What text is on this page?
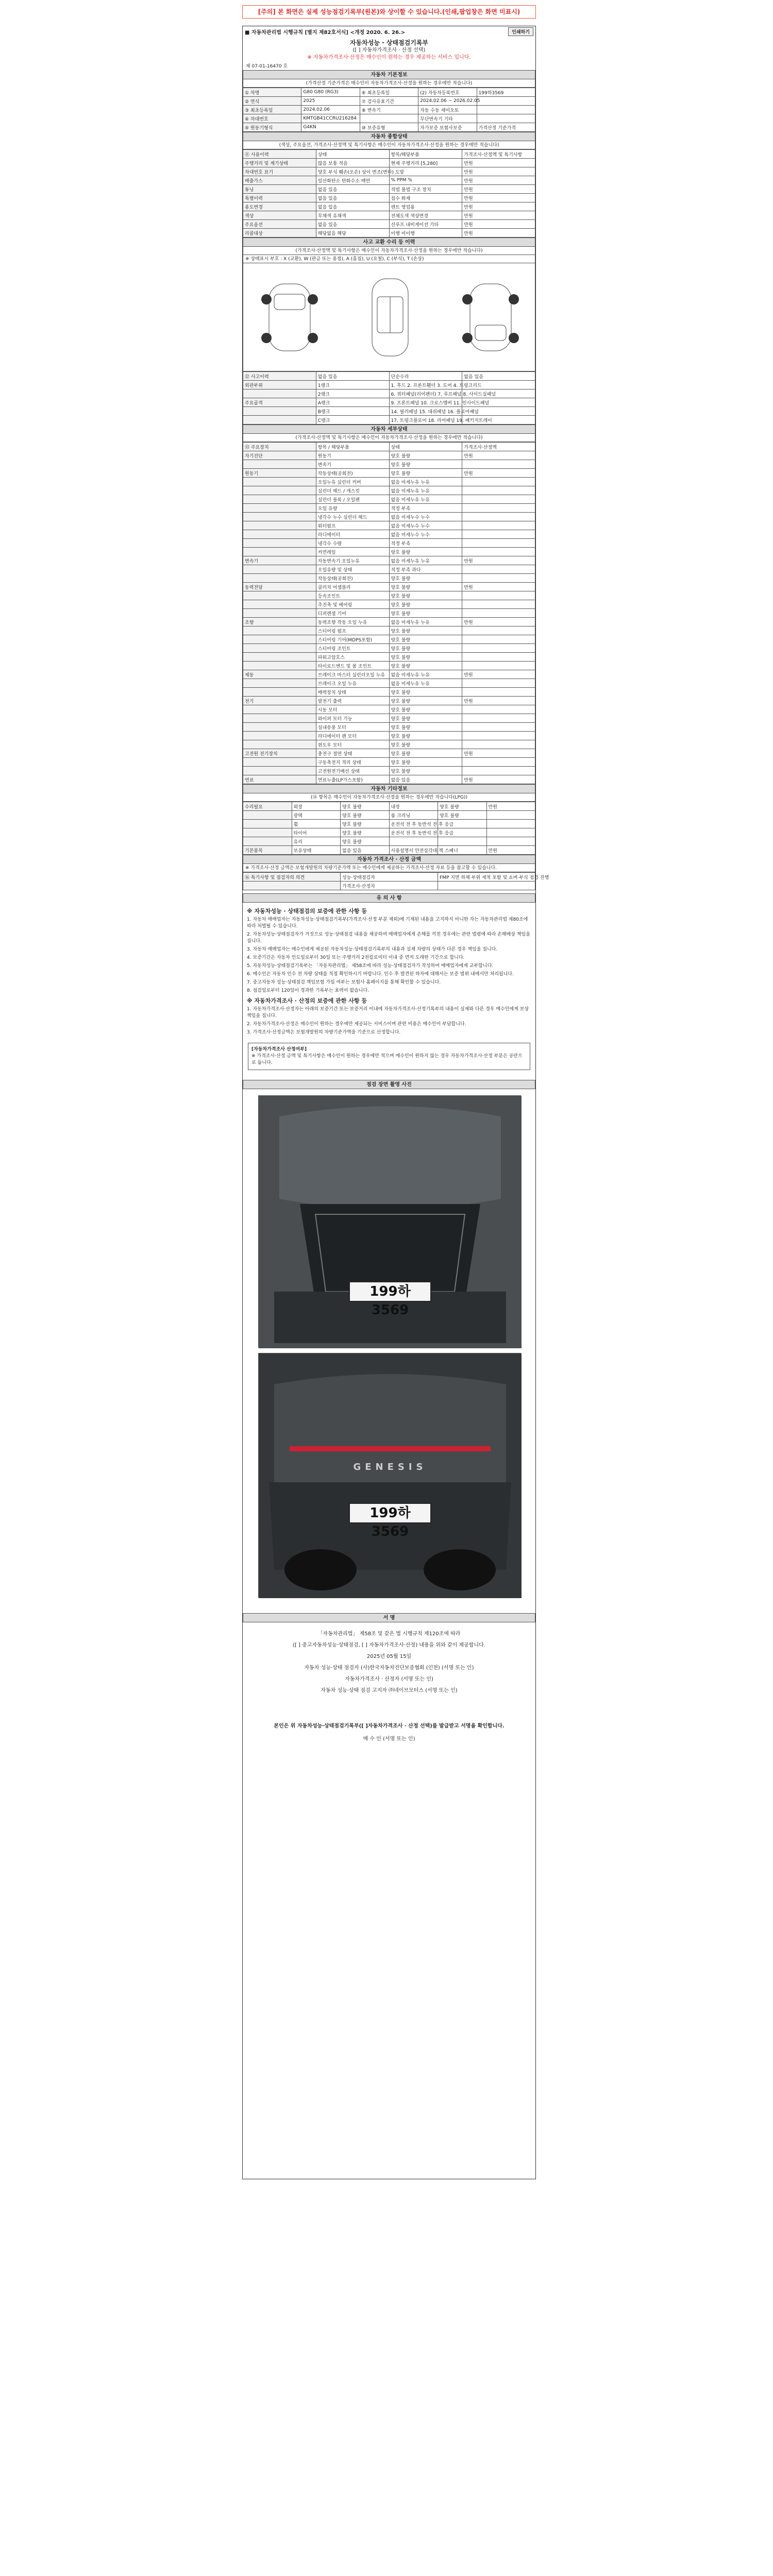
[주의] 본 화면은 실제 성능점검기록부(원본)와 상이할 수 있습니다.(인쇄,팝업창은 화면 미표시)
■ 자동차관리법 시행규칙 [별지 제82호서식] <개정 2020. 6. 26.>	인쇄하기
자동차성능 · 상태점검기록부
([ ] 자동차가격조사 · 산정 선택)
※ 자동차가격조사·산정은 매수인이 원하는 경우 제공하는 서비스 입니다.
제 07-01-16470 호
자동차 기본정보
(가격산정 기준가격은 매수인이 자동차가격조사·산정을 원하는 경우에만 적습니다)
① 차명	G80 G80 (RG3)	⑥ 최초등록일	(2) 자동차등록번호	199하3569
② 연식	2025	⑦ 검사유효기간	2024.02.06 ~ 2026.02.05	
③ 최초등록일	2024.02.06	⑧ 변속기	자동 수동 세미오토	
④ 차대번호	KMTGB41CCRU216284		무단변속기 기타	
⑤ 원동기형식	G4KN	⑩ 보증유형	자가보증 보험사보증	가격산정 기준가격
자동차 종합상태
(색상, 주요옵션, 가격조사·산정액 및 특기사항은 매수인이 자동차가격조사·산정을 원하는 경우에만 적습니다)
⑪ 사용이력	상태	항목/해당부품	가격조사·산정액 및 특기사항
주행거리 및 계기상태	많음 보통 적음	현재 주행거리 [5,280]	만원
차대번호 표기	양호 부식 훼손(오손) 상이 변조(변타) 도말		만원
배출가스	일산화탄소 탄화수소 매연	% PPM %	만원
튜닝	없음 있음	적법 불법 구조 장치	만원
특별이력	없음 있음	침수 화재	만원
용도변경	없음 있음	렌트 영업용	만원
색상	무채색 유채색	전체도색 색상변경	만원
주요옵션	없음 있음	선루프 내비게이션 기타	만원
리콜대상	해당없음 해당	이행 미이행	만원
사고 교환 수리 등 이력
(가격조사·산정액 및 특기사항은 매수인이 자동차가격조사·산정을 원하는 경우에만 적습니다)
※ 상태표시 부호 : X (교환), W (판금 또는 용접), A (흠집), U (요철), C (부식), T (손상)
⑫ 사고이력	없음 있음	단순수리	없음 있음
외판부위	1랭크	1. 후드 2. 프론트휀더 3. 도어 4. 트렁크리드	
	2랭크	6. 쿼터패널(리어펜더) 7. 루프패널 8. 사이드실패널	
주요골격	A랭크	9. 프론트패널 10. 크로스멤버 11. 인사이드패널	
	B랭크	14. 필러패널 15. 대쉬패널 16. 플로어패널	
	C랭크	17. 트렁크플로어 18. 리어패널 19. 패키지트레이	
자동차 세부상태
(가격조사·산정액 및 특기사항은 매수인이 자동차가격조사·산정을 원하는 경우에만 적습니다)
⑬ 주요장치	항목 / 해당부품	상태	가격조사·산정액
자기진단	원동기	양호 불량	만원
	변속기	양호 불량	
원동기	작동상태(공회전)	양호 불량	만원
	오일누유 실린더 커버	없음 미세누유 누유	
	실린더 헤드 / 개스킷	없음 미세누유 누유	
	실린더 블록 / 오일팬	없음 미세누유 누유	
	오일 유량	적정 부족	
	냉각수 누수 실린더 헤드	없음 미세누수 누수	
	워터펌프	없음 미세누수 누수	
	라디에이터	없음 미세누수 누수	
	냉각수 수량	적정 부족	
	커먼레일	양호 불량	
변속기	자동변속기 오일누유	없음 미세누유 누유	만원
	오일유량 및 상태	적정 부족 과다	
	작동상태(공회전)	양호 불량	
동력전달	클러치 어셈블리	양호 불량	만원
	등속조인트	양호 불량	
	추진축 및 베어링	양호 불량	
	디퍼렌셜 기어	양호 불량	
조향	동력조향 작동 오일 누유	없음 미세누유 누유	만원
	스티어링 펌프	양호 불량	
	스티어링 기어(MDPS포함)	양호 불량	
	스티어링 조인트	양호 불량	
	파워고압호스	양호 불량	
	타이로드엔드 및 볼 조인트	양호 불량	
제동	브레이크 마스터 실린더오일 누유	없음 미세누유 누유	만원
	브레이크 오일 누유	없음 미세누유 누유	
	배력장치 상태	양호 불량	
전기	발전기 출력	양호 불량	만원
	시동 모터	양호 불량	
	와이퍼 모터 기능	양호 불량	
	실내송풍 모터	양호 불량	
	라디에이터 팬 모터	양호 불량	
	윈도우 모터	양호 불량	
고전원 전기장치	충전구 절연 상태	양호 불량	만원
	구동축전지 격리 상태	양호 불량	
	고전원전기배선 상태	양호 불량	
연료	연료누출(LP가스포함)	없음 있음	만원
자동차 기타정보
(⑭ 항목은 매수인이 자동차가격조사·산정을 원하는 경우에만 적습니다(LPG))
수리필요	외장	양호 불량	내장	양호 불량	만원
	광택	양호 불량	룸 크리닝	양호 불량	
	휠	양호 불량	운전석 전 후 동반석 전 후 응급		
	타이어	양호 불량	운전석 전 후 동반석 전 후 응급		
	유리	양호 불량			
기본품목	보유상태	없음 있음	사용설명서 안전삼각대 잭 스패너		만원
자동차 가격조사 · 산정 금액
※ 가격조사·산정 금액은 보험개발원의 차량기준가액 또는 매수인에게 제공하는 가격조사·산정 자료 등을 참고할 수 있습니다.
⑯ 특기사항 및 점검자의 의견	성능·상태점검자	FMP 지면 하체 부위 세척 포함 및 쇼버·부식 점검 진행
	가격조사·산정자	
유 의 사 항
※ 자동차성능 · 상태점검의 보증에 관한 사항 등

1. 자동차 매매업자는 자동차성능·상태점검기록부(가격조사·산정 부분 제외)에 기재된 내용을 고지하지 아니한 자는 자동차관리법 제80조에 따라 처벌될 수 있습니다.

2. 자동차성능·상태점검자가 거짓으로 성능·상태점검 내용을 제공하여 매매업자에게 손해를 끼친 경우에는 관련 법령에 따라 손해배상 책임을 집니다.

3. 자동차 매매업자는 매수인에게 제공된 자동차성능·상태점검기록부의 내용과 실제 차량의 상태가 다른 경우 책임을 집니다.

4. 보증기간은 자동차 인도일로부터 30일 또는 주행거리 2천킬로미터 이내 중 먼저 도래한 기간으로 합니다.

5. 자동차성능·상태점검기록부는 「자동차관리법」 제58조에 따라 성능·상태점검자가 작성하여 매매업자에게 교부합니다.

6. 매수인은 자동차 인수 전 차량 상태를 직접 확인하시기 바랍니다. 인수 후 발견된 하자에 대해서는 보증 범위 내에서만 처리됩니다.

7. 중고자동차 성능·상태점검 책임보험 가입 여부는 보험사 홈페이지를 통해 확인할 수 있습니다.

8. 점검일로부터 120일이 경과한 기록부는 효력이 없습니다.

※ 자동차가격조사 · 산정의 보증에 관한 사항 등

1. 자동차가격조사·산정자는 아래의 보증기간 또는 보증거리 이내에 자동차가격조사·산정기록부의 내용이 실제와 다른 경우 매수인에게 보상 책임을 집니다.

2. 자동차가격조사·산정은 매수인이 원하는 경우에만 제공되는 서비스이며 관련 비용은 매수인이 부담합니다.

3. 가격조사·산정금액은 보험개발원의 차량기준가액을 기준으로 산정합니다.

[자동차가격조사 산정여부]
※ 가격조사·산정 금액 및 특기사항은 매수인이 원하는 경우에만 적으며 매수인이 원하지 않는 경우 자동차가격조사·산정 부분은 공란으로 둡니다.
점검 장면 촬영 사진
199하 3569
GENESIS
199하 3569
서 명
「자동차관리법」 제58조 및 같은 법 시행규칙 제120조에 따라
([ ] 중고자동차성능·상태점검, [ ] 자동차가격조사·산정) 내용을 위와 같이 제공합니다.
2025년 05월 15일
자동차 성능·상태 점검자 (사)한국자동차진단보증협회 (인천) (서명 또는 인)
자동차가격조사 · 산정자 (서명 또는 인)
자동차 성능·상태 점검 고지자 ㈜네이브모터스 (서명 또는 인)
본인은 위 자동차성능·상태점검기록부([ ]자동차가격조사 · 산정 선택)를 발급받고 서명을 확인합니다.
매 수 인 (서명 또는 인)
